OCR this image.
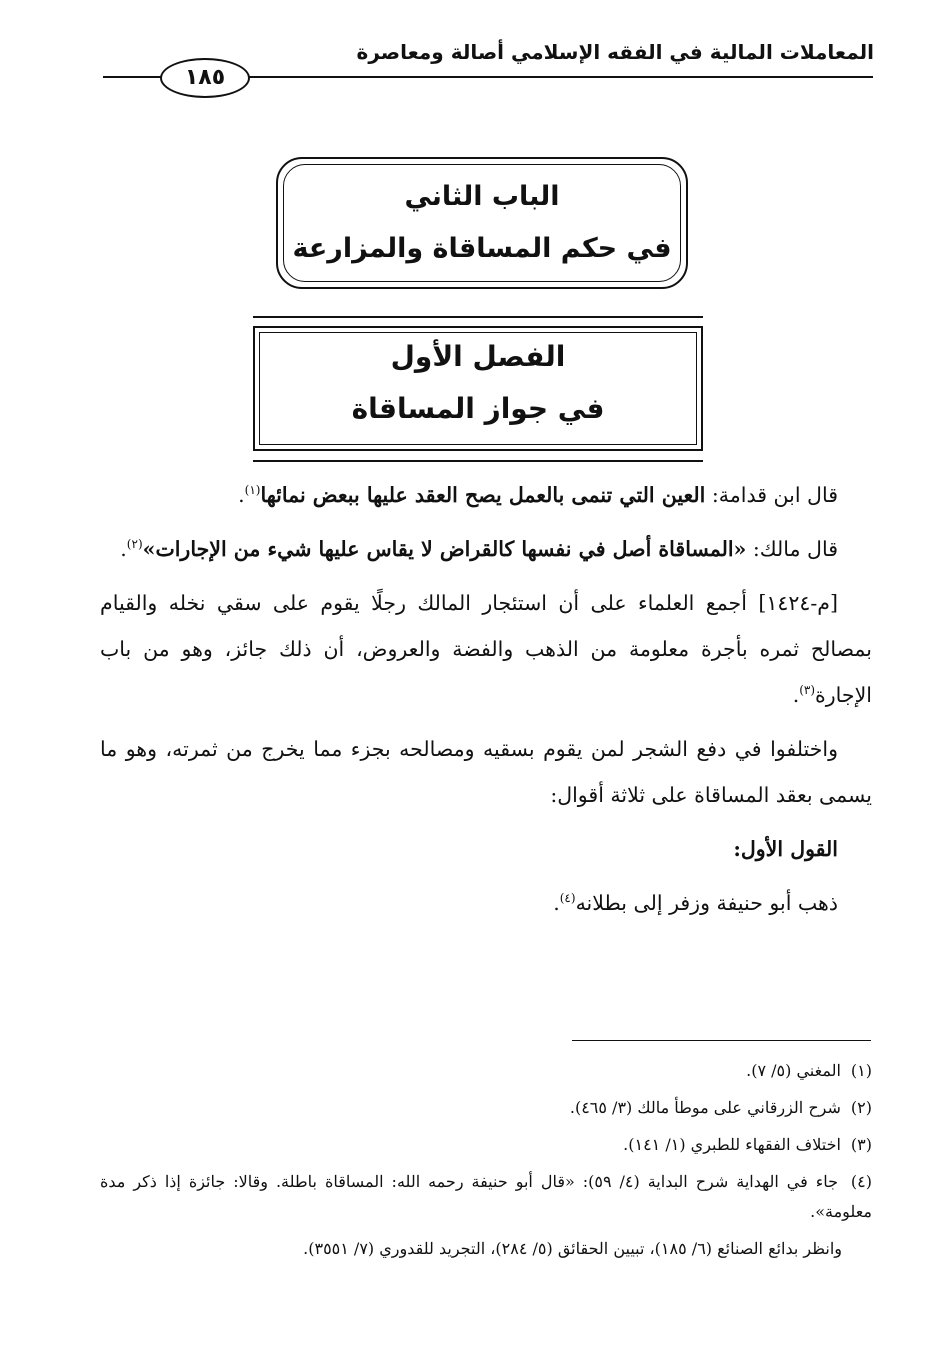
المعاملات المالية في الفقه الإسلامي أصالة ومعاصرة
١٨٥
الباب الثاني
في حكم المساقاة والمزارعة
الفصل الأول
في جواز المساقاة

قال ابن قدامة: العين التي تنمى بالعمل يصح العقد عليها ببعض نمائها$^{(١)}$.

قال مالك: «المساقاة أصل في نفسها كالقراض لا يقاس عليها شيء من الإجارات»$^{(٢)}$.

[م-١٤٢٤] أجمع العلماء على أن استئجار المالك رجلًا يقوم على سقي نخله والقيام بمصالح ثمره بأجرة معلومة من الذهب والفضة والعروض، أن ذلك جائز، وهو من باب الإجارة$^{(٣)}$.

واختلفوا في دفع الشجر لمن يقوم بسقيه ومصالحه بجزء مما يخرج من ثمرته، وهو ما يسمى بعقد المساقاة على ثلاثة أقوال:

القول الأول:

ذهب أبو حنيفة وزفر إلى بطلانه$^{(٤)}$.

(١) المغني (٥/ ٧).
(٢) شرح الزرقاني على موطأ مالك (٣/ ٤٦٥).
(٣) اختلاف الفقهاء للطبري (١/ ١٤١).
(٤) جاء في الهداية شرح البداية (٤/ ٥٩): «قال أبو حنيفة رحمه الله: المساقاة باطلة. وقالا: جائزة إذا ذكر مدة معلومة».
وانظر بدائع الصنائع (٦/ ١٨٥)، تبيين الحقائق (٥/ ٢٨٤)، التجريد للقدوري (٧/ ٣٥٥١).
